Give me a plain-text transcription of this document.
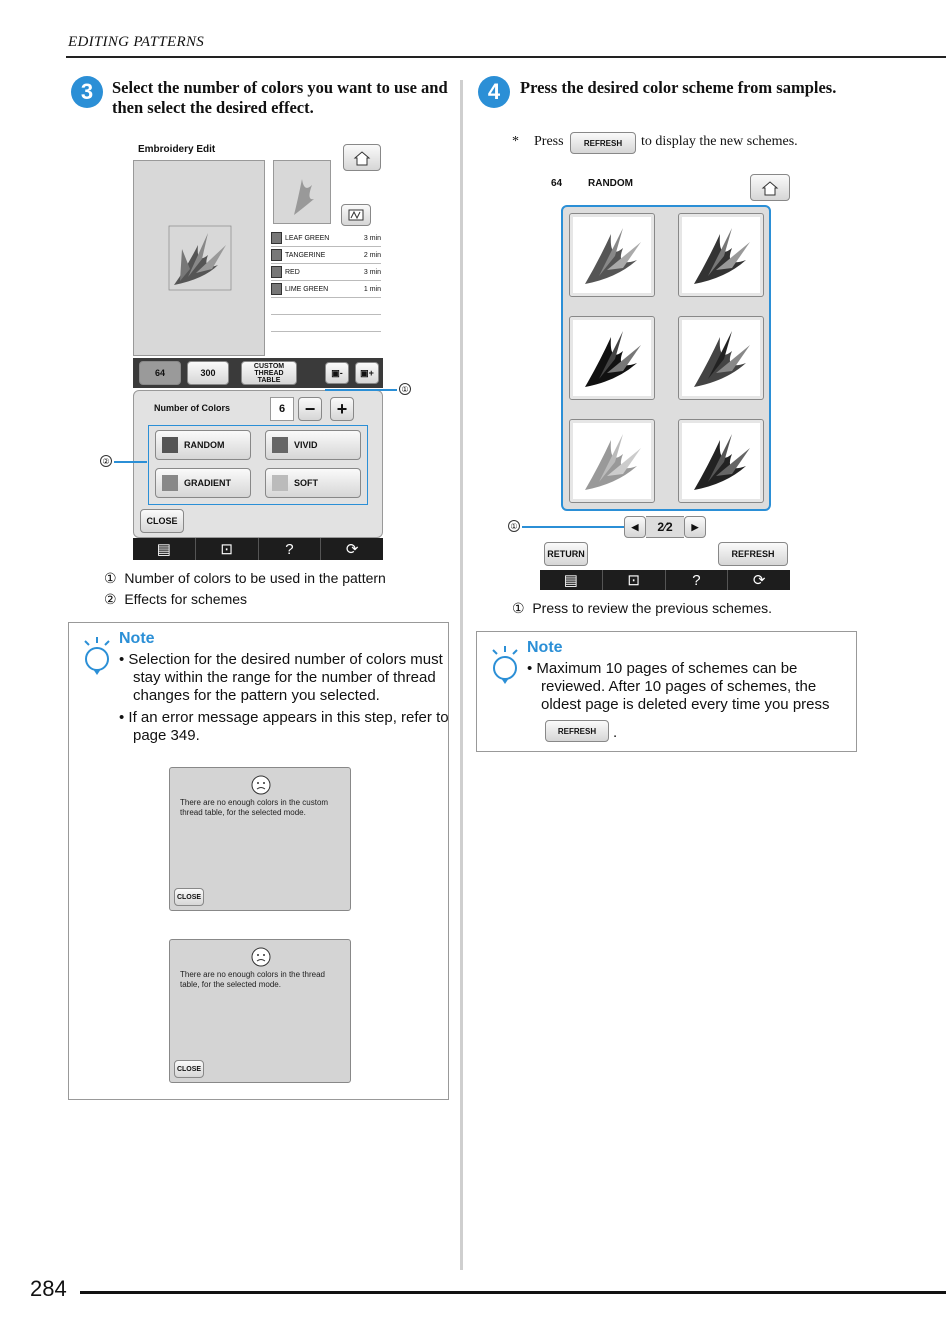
EDITING PATTERNS
3	Select the number of colors you want to use and then select the desired effect.
Embroidery Edit
LEAF GREEN	3 min
TANGERINE	2 min
RED	3 min
LIME GREEN	1 min
64	300
CUSTOM THREAD TABLE
▣-	▣+
Number of Colors	6	−	+
RANDOM	VIVID
GRADIENT	SOFT
CLOSE
▤	⊡	?	⟳
①
②
① Number of colors to be used in the pattern
② Effects for schemes
Note
• Selection for the desired number of colors must stay within the range for the number of thread changes for the pattern you selected.
• If an error message appears in this step, refer to page 349.
There are no enough colors in the custom thread table, for the selected mode.
CLOSE
There are no enough colors in the thread table, for the selected mode.
CLOSE
4	Press the desired color scheme from samples.
* Press	REFRESH	to display the new schemes.
64	RANDOM
◀	2⁄2	▶
RETURN	REFRESH
▤	⊡	?	⟳
①
① Press to review the previous schemes.
Note
• Maximum 10 pages of schemes can be reviewed. After 10 pages of schemes, the oldest page is deleted every time you press
REFRESH	.
284
